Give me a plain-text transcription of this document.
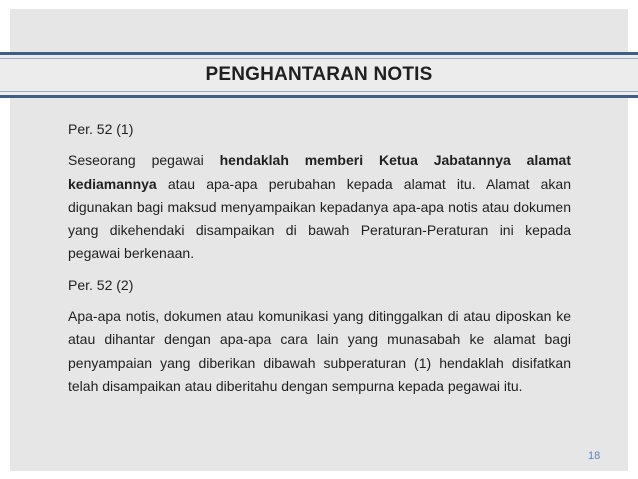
PENGHANTARAN NOTIS
Per. 52 (1)
Seseorang pegawai hendaklah memberi Ketua Jabatannya alamat kediamannya atau apa-apa perubahan kepada alamat itu. Alamat akan digunakan bagi maksud menyampaikan kepadanya apa-apa notis atau dokumen yang dikehendaki disampaikan di bawah Peraturan-Peraturan ini kepada pegawai berkenaan.
Per. 52 (2)
Apa-apa notis, dokumen atau komunikasi yang ditinggalkan di atau diposkan ke atau dihantar dengan apa-apa cara lain yang munasabah ke alamat bagi penyampaian yang diberikan dibawah subperaturan (1) hendaklah disifatkan telah disampaikan atau diberitahu dengan sempurna kepada pegawai itu.
18
